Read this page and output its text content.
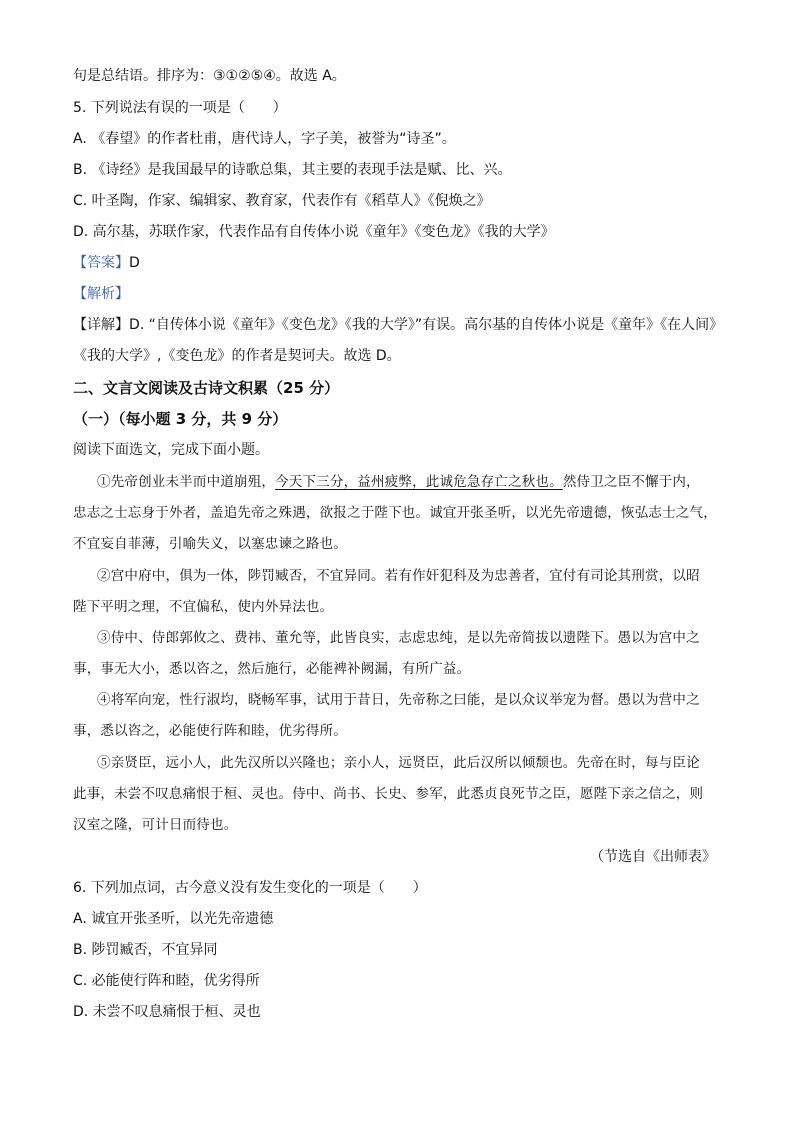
句是总结语。排序为：③①②⑤④。故选 A。
5. 下列说法有误的一项是（　　）
A. 《春望》的作者杜甫，唐代诗人，字子美，被誉为“诗圣”。
B. 《诗经》是我国最早的诗歌总集，其主要的表现手法是赋、比、兴。
C. 叶圣陶，作家、编辑家、教育家，代表作有《稻草人》《倪焕之》
D. 高尔基，苏联作家，代表作品有自传体小说《童年》《变色龙》《我的大学》
【答案】D
【解析】
【详解】D. “自传体小说《童年》《变色龙》《我的大学》”有误。高尔基的自传体小说是《童年》《在人间》
《我的大学》,《变色龙》的作者是契诃夫。故选 D。
二、文言文阅读及古诗文积累（25 分）
（一）（每小题 3 分，共 9 分）
阅读下面选文，完成下面小题。
①先帝创业未半而中道崩殂，今天下三分，益州疲弊，此诚危急存亡之秋也。然侍卫之臣不懈于内，
忠志之士忘身于外者，盖追先帝之殊遇，欲报之于陛下也。诚宜开张圣听，以光先帝遗德，恢弘志士之气，
不宜妄自菲薄，引喻失义，以塞忠谏之路也。
②宫中府中，俱为一体，陟罚臧否，不宜异同。若有作奸犯科及为忠善者，宜付有司论其刑赏，以昭
陛下平明之理，不宜偏私，使内外异法也。
③侍中、侍郎郭攸之、费祎、董允等，此皆良实，志虑忠纯，是以先帝简拔以遗陛下。愚以为宫中之
事，事无大小，悉以咨之，然后施行，必能裨补阙漏，有所广益。
④将军向宠，性行淑均，晓畅军事，试用于昔日，先帝称之曰能，是以众议举宠为督。愚以为营中之
事，悉以咨之，必能使行阵和睦，优劣得所。
⑤亲贤臣，远小人，此先汉所以兴隆也；亲小人，远贤臣，此后汉所以倾颓也。先帝在时，每与臣论
此事，未尝不叹息痛恨于桓、灵也。侍中、尚书、长史、参军，此悉贞良死节之臣，愿陛下亲之信之，则
汉室之隆，可计日而待也。
（节选自《出师表》
6. 下列加点词，古今意义没有发生变化的一项是（　　）
A. 诚宜开张圣听，以光先帝遗德
B. 陟罚臧否，不宜异同
C. 必能使行阵和睦，优劣得所
D. 未尝不叹息痛恨于桓、灵也
